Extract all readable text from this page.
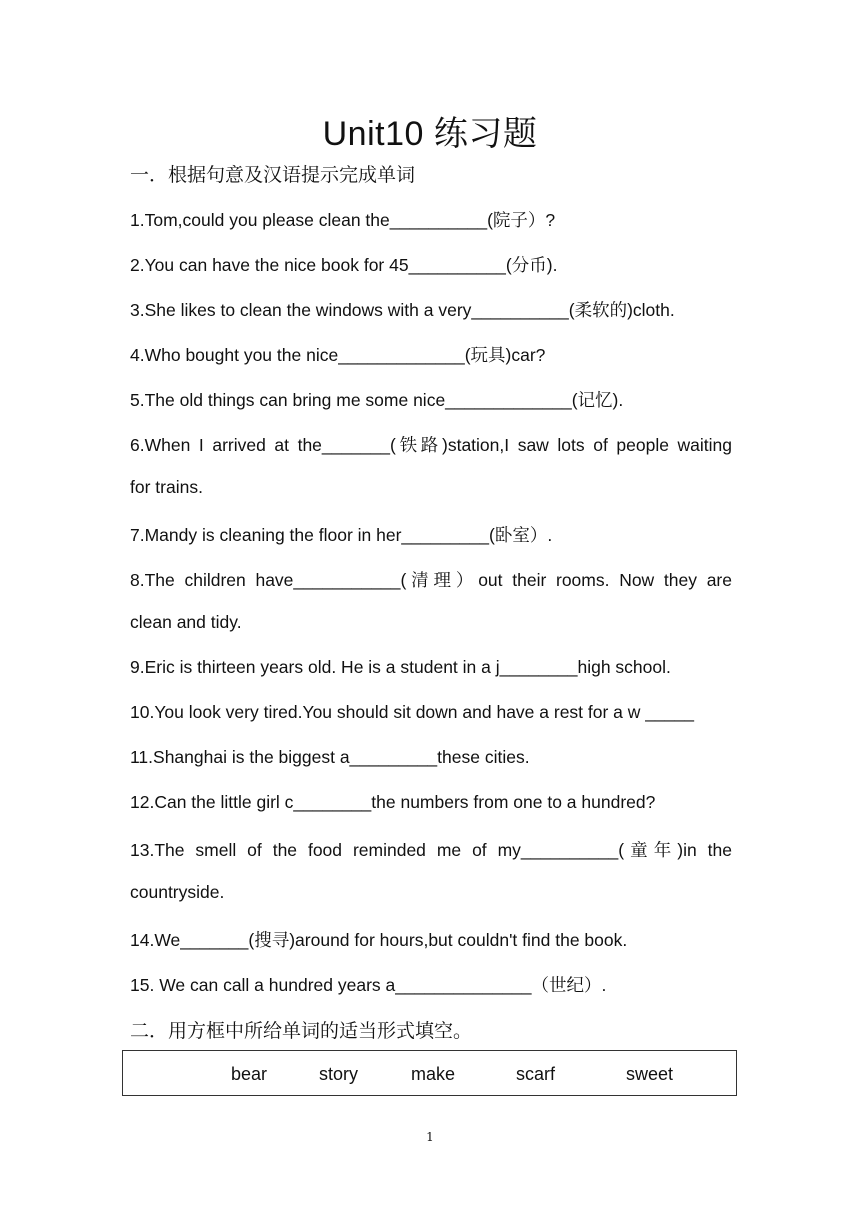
Unit10 练习题
一．根据句意及汉语提示完成单词
1.Tom,could you please clean the__________(院子）?
2.You can have the nice book for 45__________(分币).
3.She likes to clean the windows with a very__________(柔软的)cloth.
4.Who bought you the nice_____________(玩具)car?
5.The old things can bring me some nice_____________(记忆).
6.When I arrived at the_______(铁路)station,I saw lots of people waiting
for trains.
7.Mandy is cleaning the floor in her_________(卧室）.
8.The children have___________(清理）out their rooms. Now they are
clean and tidy.
9.Eric is thirteen years old. He is a student in a j________high school.
10.You look very tired.You should sit down and have a rest for a w _____
11.Shanghai is the biggest a_________these cities.
12.Can the little girl c________the numbers from one to a hundred?
13.The smell of the food reminded me of my__________(童年)in the
countryside.
14.We_______(搜寻)around for hours,but couldn't find the book.
15. We can call a hundred years a______________（世纪）.
二．用方框中所给单词的适当形式填空。
bear	story	make	scarf	sweet
1
